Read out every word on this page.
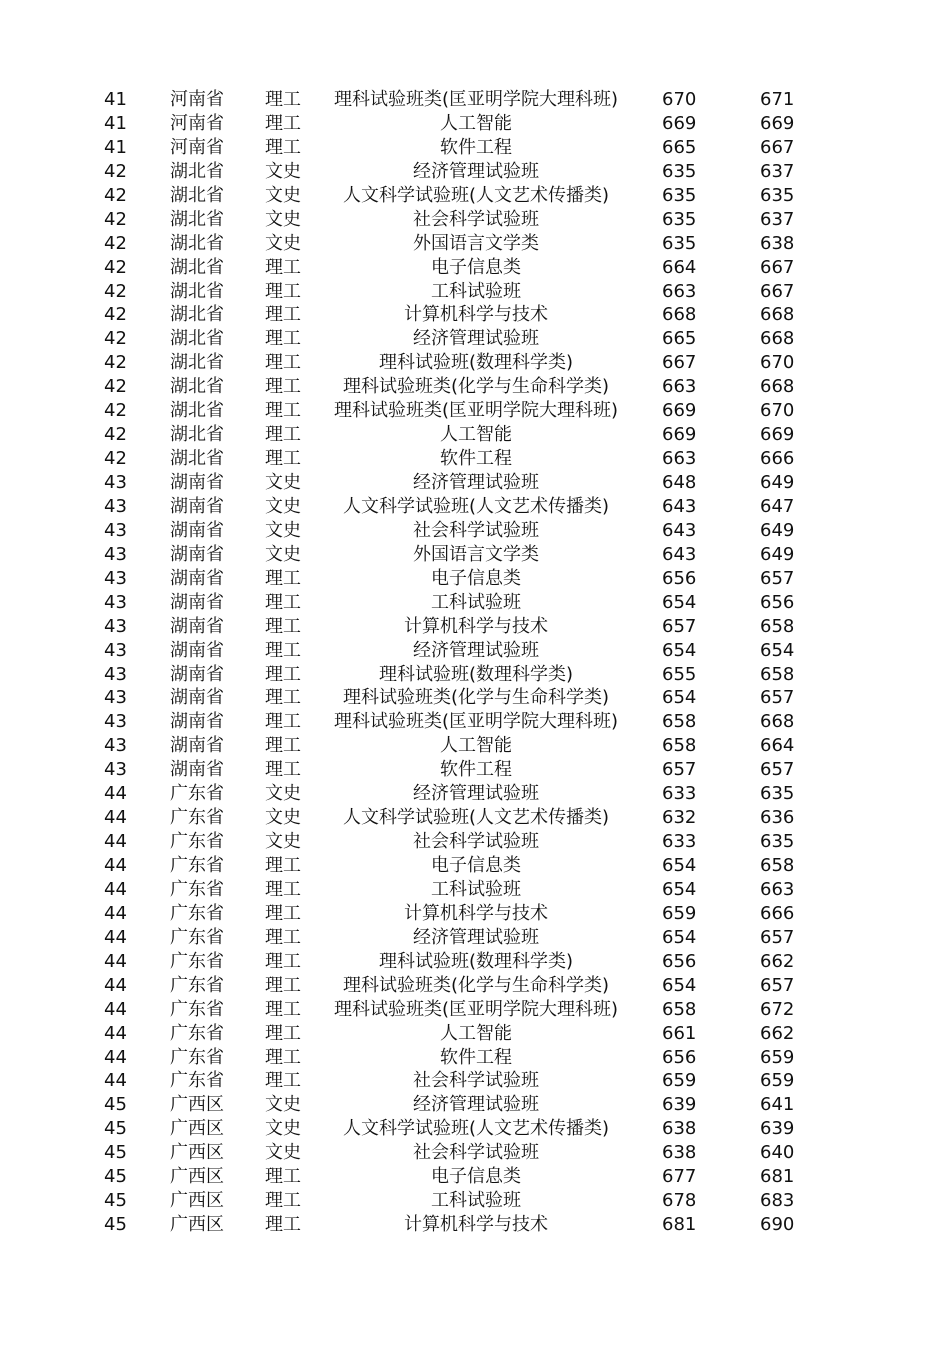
41	河南省	理工	理科试验班类(匡亚明学院大理科班)	670	671
41	河南省	理工	人工智能	669	669
41	河南省	理工	软件工程	665	667
42	湖北省	文史	经济管理试验班	635	637
42	湖北省	文史	人文科学试验班(人文艺术传播类)	635	635
42	湖北省	文史	社会科学试验班	635	637
42	湖北省	文史	外国语言文学类	635	638
42	湖北省	理工	电子信息类	664	667
42	湖北省	理工	工科试验班	663	667
42	湖北省	理工	计算机科学与技术	668	668
42	湖北省	理工	经济管理试验班	665	668
42	湖北省	理工	理科试验班(数理科学类)	667	670
42	湖北省	理工	理科试验班类(化学与生命科学类)	663	668
42	湖北省	理工	理科试验班类(匡亚明学院大理科班)	669	670
42	湖北省	理工	人工智能	669	669
42	湖北省	理工	软件工程	663	666
43	湖南省	文史	经济管理试验班	648	649
43	湖南省	文史	人文科学试验班(人文艺术传播类)	643	647
43	湖南省	文史	社会科学试验班	643	649
43	湖南省	文史	外国语言文学类	643	649
43	湖南省	理工	电子信息类	656	657
43	湖南省	理工	工科试验班	654	656
43	湖南省	理工	计算机科学与技术	657	658
43	湖南省	理工	经济管理试验班	654	654
43	湖南省	理工	理科试验班(数理科学类)	655	658
43	湖南省	理工	理科试验班类(化学与生命科学类)	654	657
43	湖南省	理工	理科试验班类(匡亚明学院大理科班)	658	668
43	湖南省	理工	人工智能	658	664
43	湖南省	理工	软件工程	657	657
44	广东省	文史	经济管理试验班	633	635
44	广东省	文史	人文科学试验班(人文艺术传播类)	632	636
44	广东省	文史	社会科学试验班	633	635
44	广东省	理工	电子信息类	654	658
44	广东省	理工	工科试验班	654	663
44	广东省	理工	计算机科学与技术	659	666
44	广东省	理工	经济管理试验班	654	657
44	广东省	理工	理科试验班(数理科学类)	656	662
44	广东省	理工	理科试验班类(化学与生命科学类)	654	657
44	广东省	理工	理科试验班类(匡亚明学院大理科班)	658	672
44	广东省	理工	人工智能	661	662
44	广东省	理工	软件工程	656	659
44	广东省	理工	社会科学试验班	659	659
45	广西区	文史	经济管理试验班	639	641
45	广西区	文史	人文科学试验班(人文艺术传播类)	638	639
45	广西区	文史	社会科学试验班	638	640
45	广西区	理工	电子信息类	677	681
45	广西区	理工	工科试验班	678	683
45	广西区	理工	计算机科学与技术	681	690
